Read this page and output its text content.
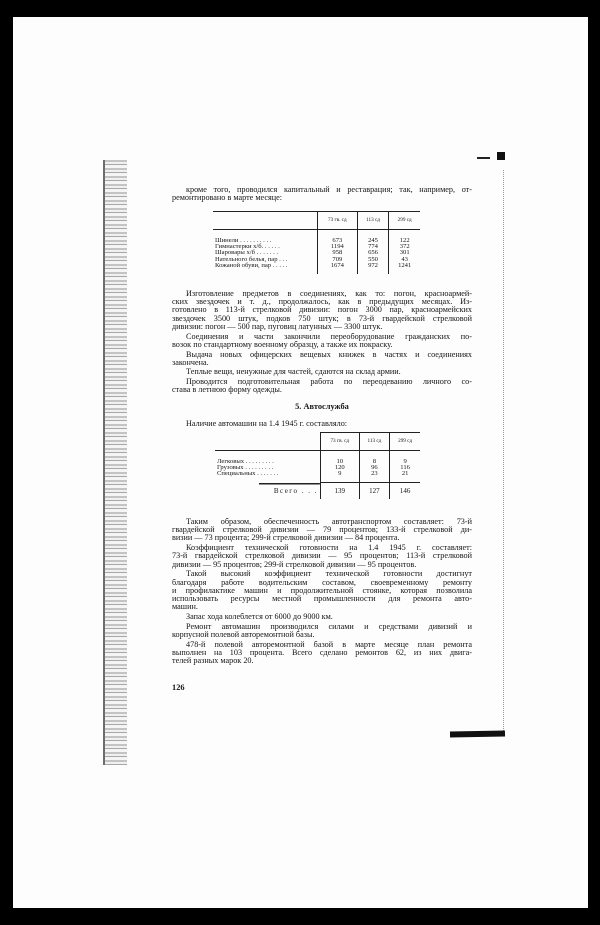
кроме того, проводился капитальный и реставрация; так, например, от-
ремонтировано в марте месяце:
	73 гв. сд	113 сд	299 сд

Шинели . . . . . . . . . .	673	245	122
Гимнастерки х/б. . . . . .	1194	774	372
Шаровары х/б . . . . . . .	958	656	301
Нательного белья, пар . . .	709	550	43
Кожаной обуви, пар . . . . .	1674	972	1241

Изготовление предметов в соединениях, как то: погон, красноармей-
ских звездочек и т. д., продолжалось, как в предыдущих месяцах. Из-
готовлено в 113-й стрелковой дивизии: погон 3000 пар, красноармейских
звездочек 3500 штук, подков 750 штук; в 73-й гвардейской стрелковой
дивизии: погон — 500 пар, пуговиц латунных — 3300 штук.
Соединения и части закончили переоборудование гражданских по-
возок по стандартному военному образцу, а также их покраску.
Выдача новых офицерских вещевых книжек в частях и соединениях
закончена.
Теплые вещи, ненужные для частей, сдаются на склад армии.
Проводится подготовительная работа по переодеванию личного со-
става в летнюю форму одежды.
5. Автослужба
Наличие автомашин на 1.4 1945 г. составляло:
	73 гв. сд	113 сд	299 сд

Легковых . . . . . . . . .	10	8	9
Грузовых . . . . . . . . .	120	96	116
Специальных . . . . . . .	9	23	21

Всего . . .	139	127	146
Таким образом, обеспеченность автотранспортом составляет: 73-й
гвардейской стрелковой дивизии — 79 процентов; 133-й стрелковой ди-
визии — 73 процента; 299-й стрелковой дивизии — 84 процента.
Коэффициент технической готовности на 1.4 1945 г. составляет:
73-й гвардейской стрелковой дивизии — 95 процентов; 113-й стрелковой
дивизии — 95 процентов; 299-й стрелковой дивизии — 95 процентов.
Такой высокий коэффициент технической готовности достигнут
благодаря работе водительским составом, своевременному ремонту
и профилактике машин и продолжительной стоянке, которая позволила
использовать ресурсы местной промышленности для ремонта авто-
машин.
Запас хода колеблется от 6000 до 9000 км.
Ремонт автомашин производился силами и средствами дивизий и
корпусной полевой авторемонтной базы.
478-й полевой авторемонтной базой в марте месяце план ремонта
выполнен на 103 процента. Всего сделано ремонтов 62, из них двига-
телей разных марок 20.
126
